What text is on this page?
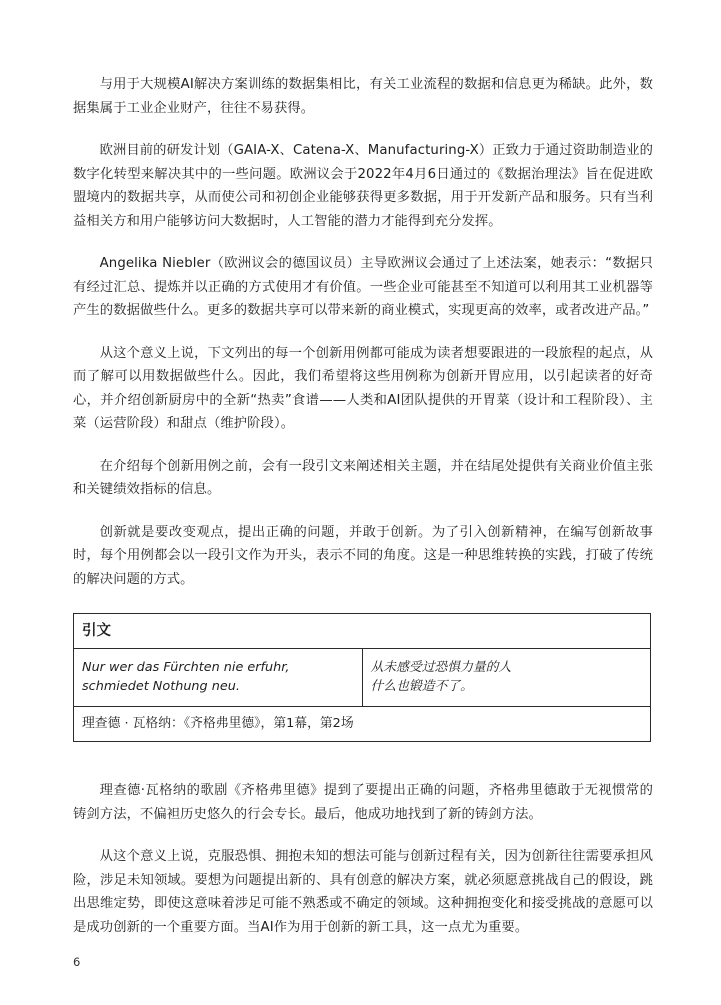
与用于大规模AI解决方案训练的数据集相比，有关工业流程的数据和信息更为稀缺。此外，数据集属于工业企业财产，往往不易获得。

欧洲目前的研发计划（GAIA-X、Catena-X、Manufacturing-X）正致力于通过资助制造业的数字化转型来解决其中的一些问题。欧洲议会于2022年4月6日通过的《数据治理法》旨在促进欧盟境内的数据共享，从而使公司和初创企业能够获得更多数据，用于开发新产品和服务。只有当利益相关方和用户能够访问大数据时，人工智能的潜力才能得到充分发挥。

Angelika Niebler（欧洲议会的德国议员）主导欧洲议会通过了上述法案，她表示：“数据只有经过汇总、提炼并以正确的方式使用才有价值。一些企业可能甚至不知道可以利用其工业机器等产生的数据做些什么。更多的数据共享可以带来新的商业模式，实现更高的效率，或者改进产品。”

从这个意义上说，下文列出的每一个创新用例都可能成为读者想要跟进的一段旅程的起点，从而了解可以用数据做些什么。因此，我们希望将这些用例称为创新开胃应用，以引起读者的好奇心，并介绍创新厨房中的全新“热卖”食谱——人类和AI团队提供的开胃菜（设计和工程阶段）、主菜（运营阶段）和甜点（维护阶段）。

在介绍每个创新用例之前，会有一段引文来阐述相关主题，并在结尾处提供有关商业价值主张和关键绩效指标的信息。

创新就是要改变观点，提出正确的问题，并敢于创新。为了引入创新精神，在编写创新故事时，每个用例都会以一段引文作为开头，表示不同的角度。这是一种思维转换的实践，打破了传统的解决问题的方式。

引文
Nur wer das Fürchten nie erfuhr,
schmiedet Nothung neu.
从未感受过恐惧力量的人
什么也锻造不了。
理查德 · 瓦格纳：《齐格弗里德》，第1幕，第2场

理查德·瓦格纳的歌剧《齐格弗里德》提到了要提出正确的问题，齐格弗里德敢于无视惯常的铸剑方法，不偏袒历史悠久的行会专长。最后，他成功地找到了新的铸剑方法。

从这个意义上说，克服恐惧、拥抱未知的想法可能与创新过程有关，因为创新往往需要承担风险，涉足未知领域。要想为问题提出新的、具有创意的解决方案，就必须愿意挑战自己的假设，跳出思维定势，即使这意味着涉足可能不熟悉或不确定的领域。这种拥抱变化和接受挑战的意愿可以是成功创新的一个重要方面。当AI作为用于创新的新工具，这一点尤为重要。

6
